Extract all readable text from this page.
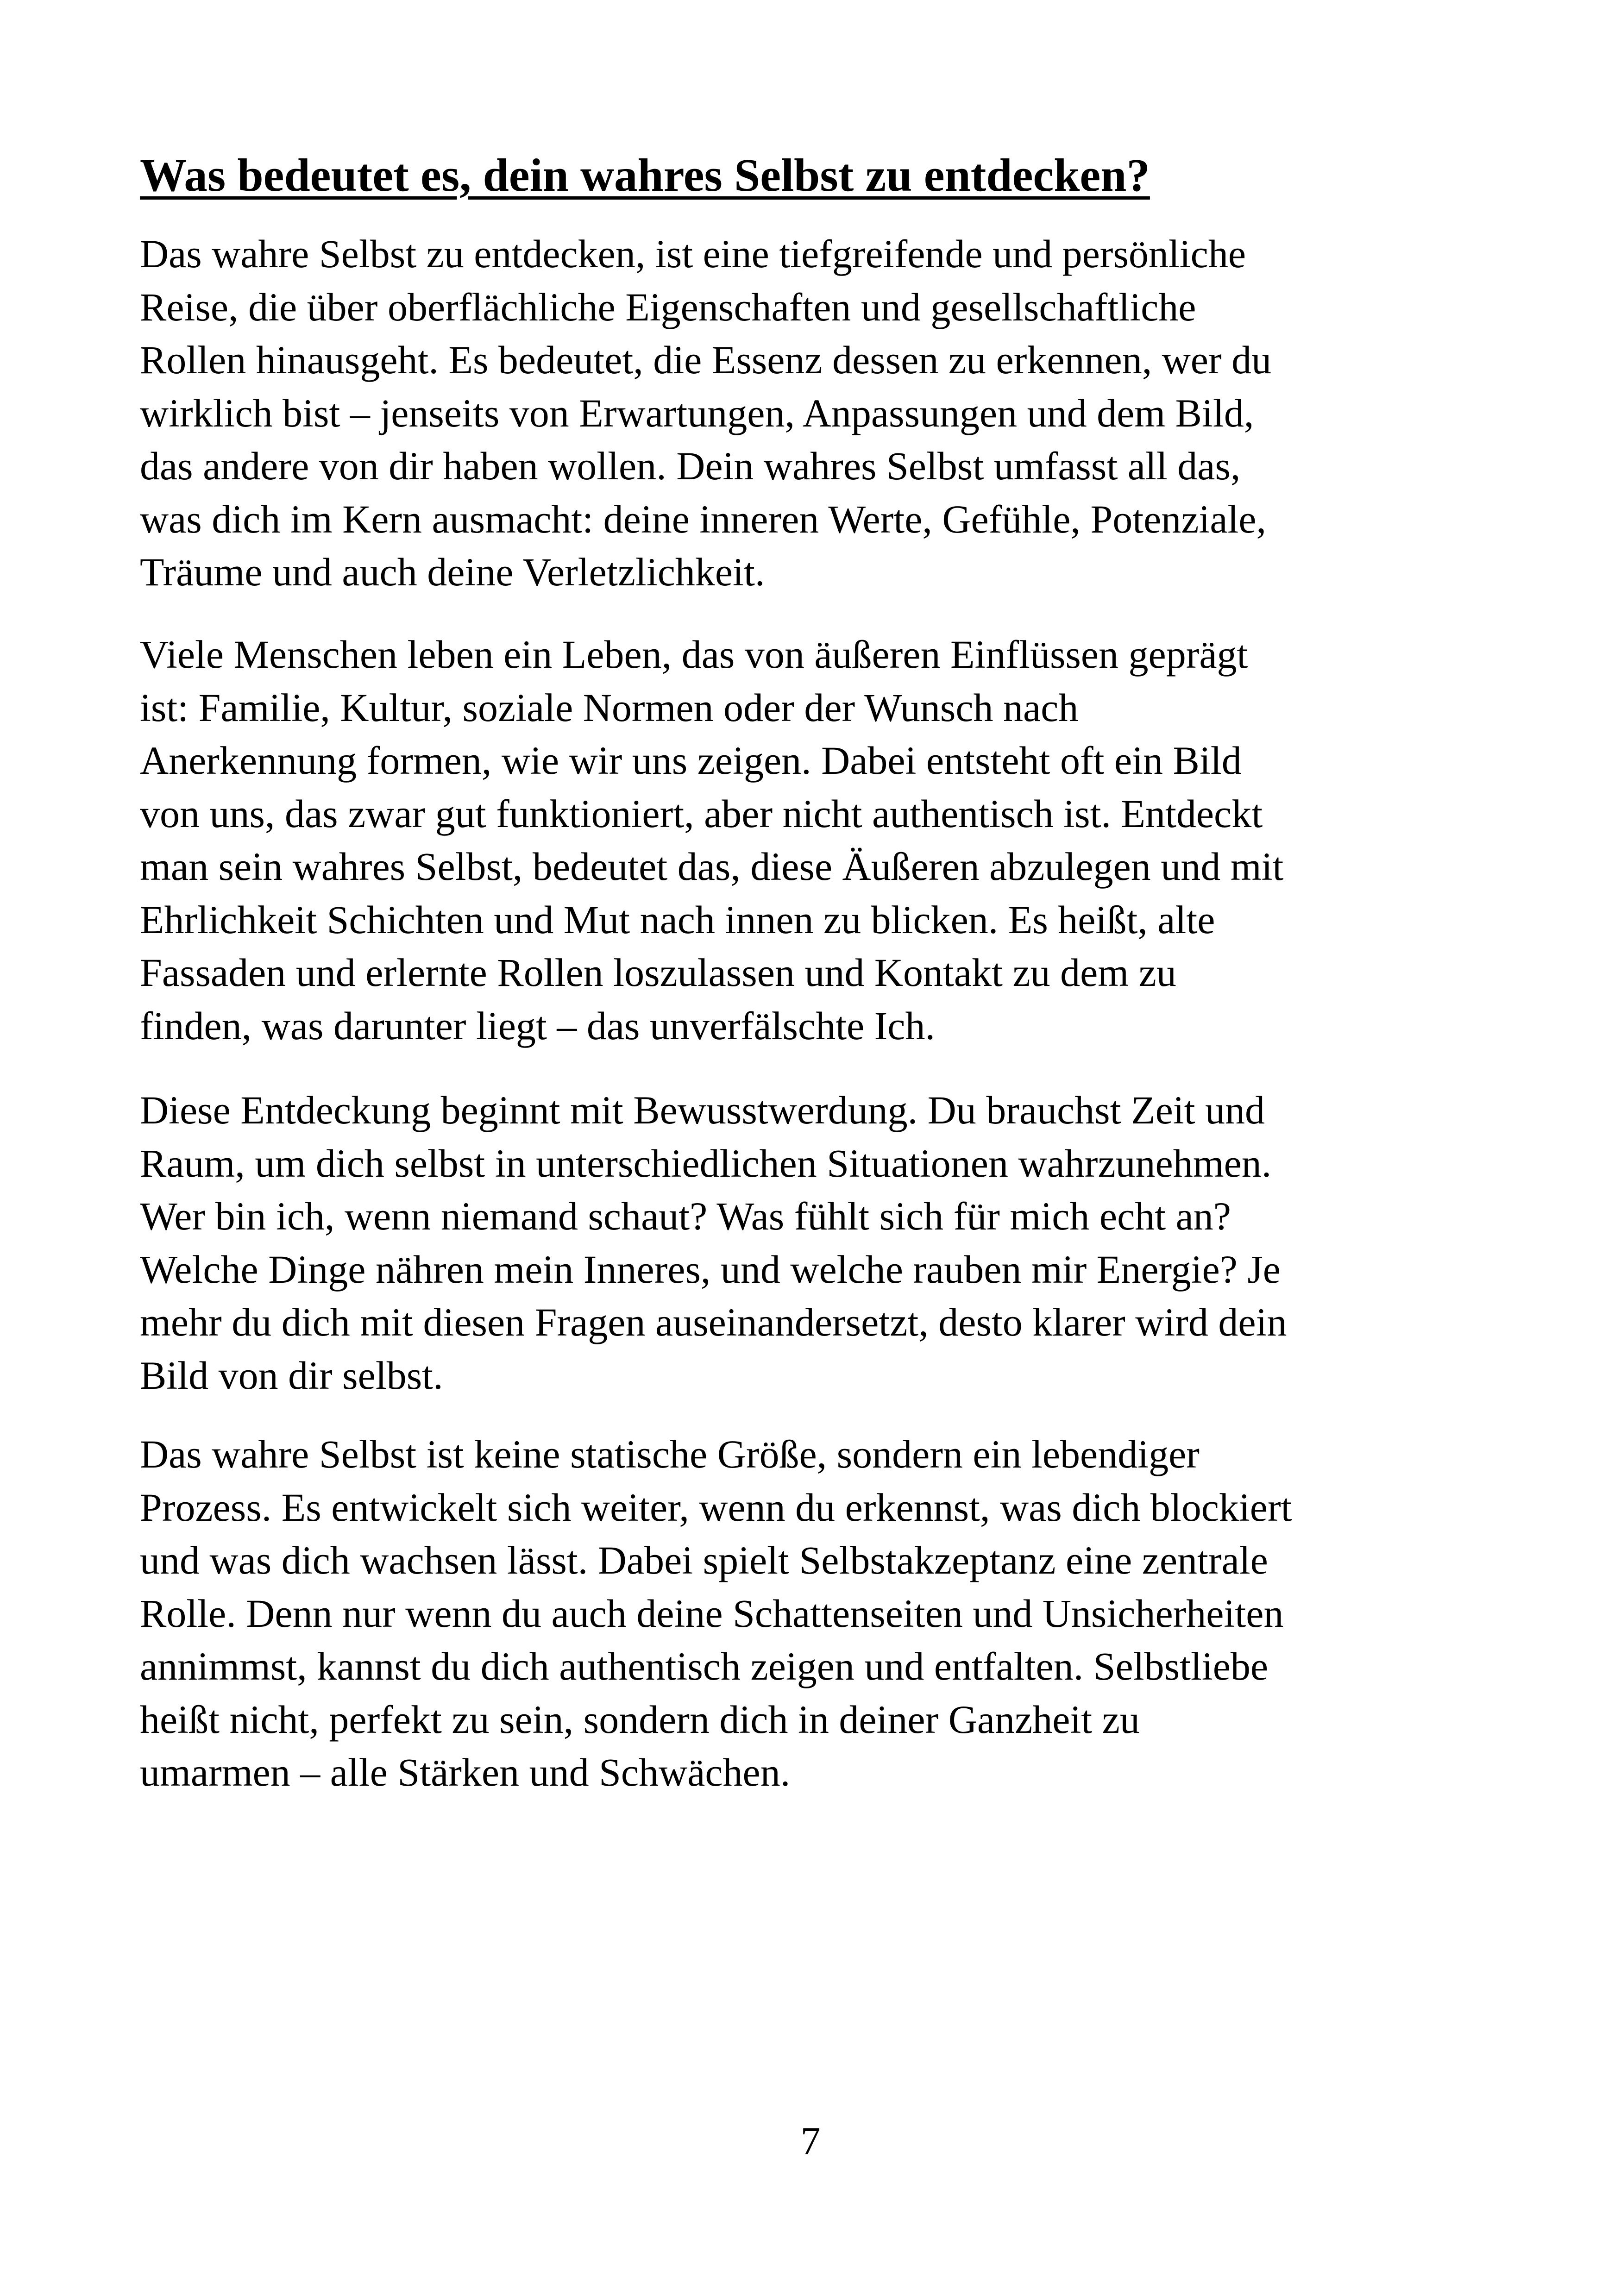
Was bedeutet es, dein wahres Selbst zu entdecken?
Das wahre Selbst zu entdecken, ist eine tiefgreifende und persönliche
Reise, die über oberflächliche Eigenschaften und gesellschaftliche
Rollen hinausgeht. Es bedeutet, die Essenz dessen zu erkennen, wer du
wirklich bist – jenseits von Erwartungen, Anpassungen und dem Bild,
das andere von dir haben wollen. Dein wahres Selbst umfasst all das,
was dich im Kern ausmacht: deine inneren Werte, Gefühle, Potenziale,
Träume und auch deine Verletzlichkeit.
Viele Menschen leben ein Leben, das von äußeren Einflüssen geprägt
ist: Familie, Kultur, soziale Normen oder der Wunsch nach
Anerkennung formen, wie wir uns zeigen. Dabei entsteht oft ein Bild
von uns, das zwar gut funktioniert, aber nicht authentisch ist. Entdeckt
man sein wahres Selbst, bedeutet das, diese Äußeren abzulegen und mit
Ehrlichkeit Schichten und Mut nach innen zu blicken. Es heißt, alte
Fassaden und erlernte Rollen loszulassen und Kontakt zu dem zu
finden, was darunter liegt – das unverfälschte Ich.
Diese Entdeckung beginnt mit Bewusstwerdung. Du brauchst Zeit und
Raum, um dich selbst in unterschiedlichen Situationen wahrzunehmen.
Wer bin ich, wenn niemand schaut? Was fühlt sich für mich echt an?
Welche Dinge nähren mein Inneres, und welche rauben mir Energie? Je
mehr du dich mit diesen Fragen auseinandersetzt, desto klarer wird dein
Bild von dir selbst.
Das wahre Selbst ist keine statische Größe, sondern ein lebendiger
Prozess. Es entwickelt sich weiter, wenn du erkennst, was dich blockiert
und was dich wachsen lässt. Dabei spielt Selbstakzeptanz eine zentrale
Rolle. Denn nur wenn du auch deine Schattenseiten und Unsicherheiten
annimmst, kannst du dich authentisch zeigen und entfalten. Selbstliebe
heißt nicht, perfekt zu sein, sondern dich in deiner Ganzheit zu
umarmen – alle Stärken und Schwächen.
7
